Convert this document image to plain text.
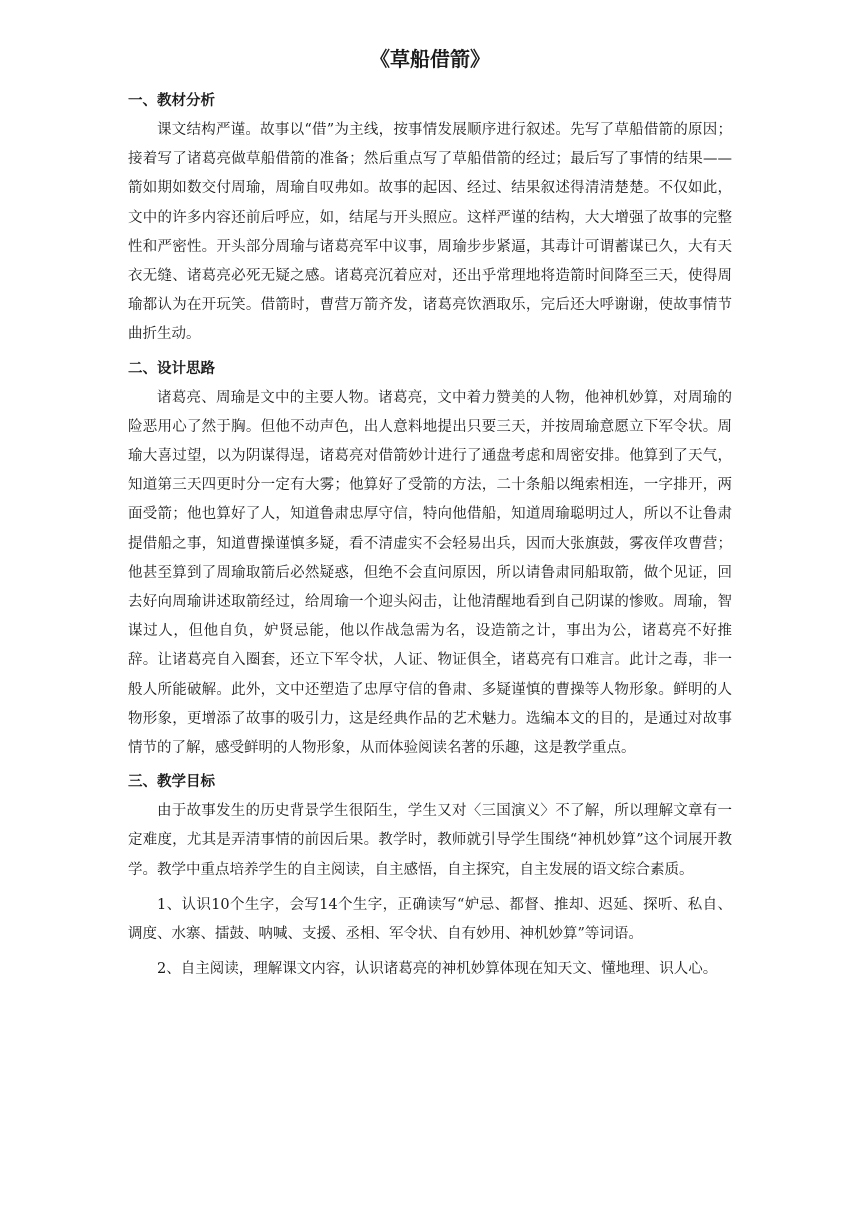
《草船借箭》
一、教材分析
课文结构严谨。故事以“借”为主线，按事情发展顺序进行叙述。先写了草船借箭的原因；接着写了诸葛亮做草船借箭的准备；然后重点写了草船借箭的经过；最后写了事情的结果——箭如期如数交付周瑜，周瑜自叹弗如。故事的起因、经过、结果叙述得清清楚楚。不仅如此，文中的许多内容还前后呼应，如，结尾与开头照应。这样严谨的结构，大大增强了故事的完整性和严密性。开头部分周瑜与诸葛亮军中议事，周瑜步步紧逼，其毒计可谓蓄谋已久，大有天衣无缝、诸葛亮必死无疑之感。诸葛亮沉着应对，还出乎常理地将造箭时间降至三天，使得周瑜都认为在开玩笑。借箭时，曹营万箭齐发，诸葛亮饮酒取乐，完后还大呼谢谢，使故事情节曲折生动。
二、设计思路
诸葛亮、周瑜是文中的主要人物。诸葛亮，文中着力赞美的人物，他神机妙算，对周瑜的险恶用心了然于胸。但他不动声色，出人意料地提出只要三天，并按周瑜意愿立下军令状。周瑜大喜过望，以为阴谋得逞，诸葛亮对借箭妙计进行了通盘考虑和周密安排。他算到了天气，知道第三天四更时分一定有大雾；他算好了受箭的方法，二十条船以绳索相连，一字排开，两面受箭；他也算好了人，知道鲁肃忠厚守信，特向他借船，知道周瑜聪明过人，所以不让鲁肃提借船之事，知道曹操谨慎多疑，看不清虚实不会轻易出兵，因而大张旗鼓，雾夜佯攻曹营；他甚至算到了周瑜取箭后必然疑惑，但绝不会直问原因，所以请鲁肃同船取箭，做个见证，回去好向周瑜讲述取箭经过，给周瑜一个迎头闷击，让他清醒地看到自己阴谋的惨败。周瑜，智谋过人，但他自负，妒贤忌能，他以作战急需为名，设造箭之计，事出为公，诸葛亮不好推辞。让诸葛亮自入圈套，还立下军令状，人证、物证俱全，诸葛亮有口难言。此计之毒，非一般人所能破解。此外，文中还塑造了忠厚守信的鲁肃、多疑谨慎的曹操等人物形象。鲜明的人物形象，更增添了故事的吸引力，这是经典作品的艺术魅力。选编本文的目的，是通过对故事情节的了解，感受鲜明的人物形象，从而体验阅读名著的乐趣，这是教学重点。
三、教学目标
由于故事发生的历史背景学生很陌生，学生又对〈三国演义〉不了解，所以理解文章有一定难度，尤其是弄清事情的前因后果。教学时，教师就引导学生围绕“神机妙算”这个词展开教学。教学中重点培养学生的自主阅读，自主感悟，自主探究，自主发展的语文综合素质。
1、认识10个生字，会写14个生字，正确读写“妒忌、都督、推却、迟延、探听、私自、调度、水寨、擂鼓、呐喊、支援、丞相、军令状、自有妙用、神机妙算”等词语。
2、自主阅读，理解课文内容，认识诸葛亮的神机妙算体现在知天文、懂地理、识人心。
